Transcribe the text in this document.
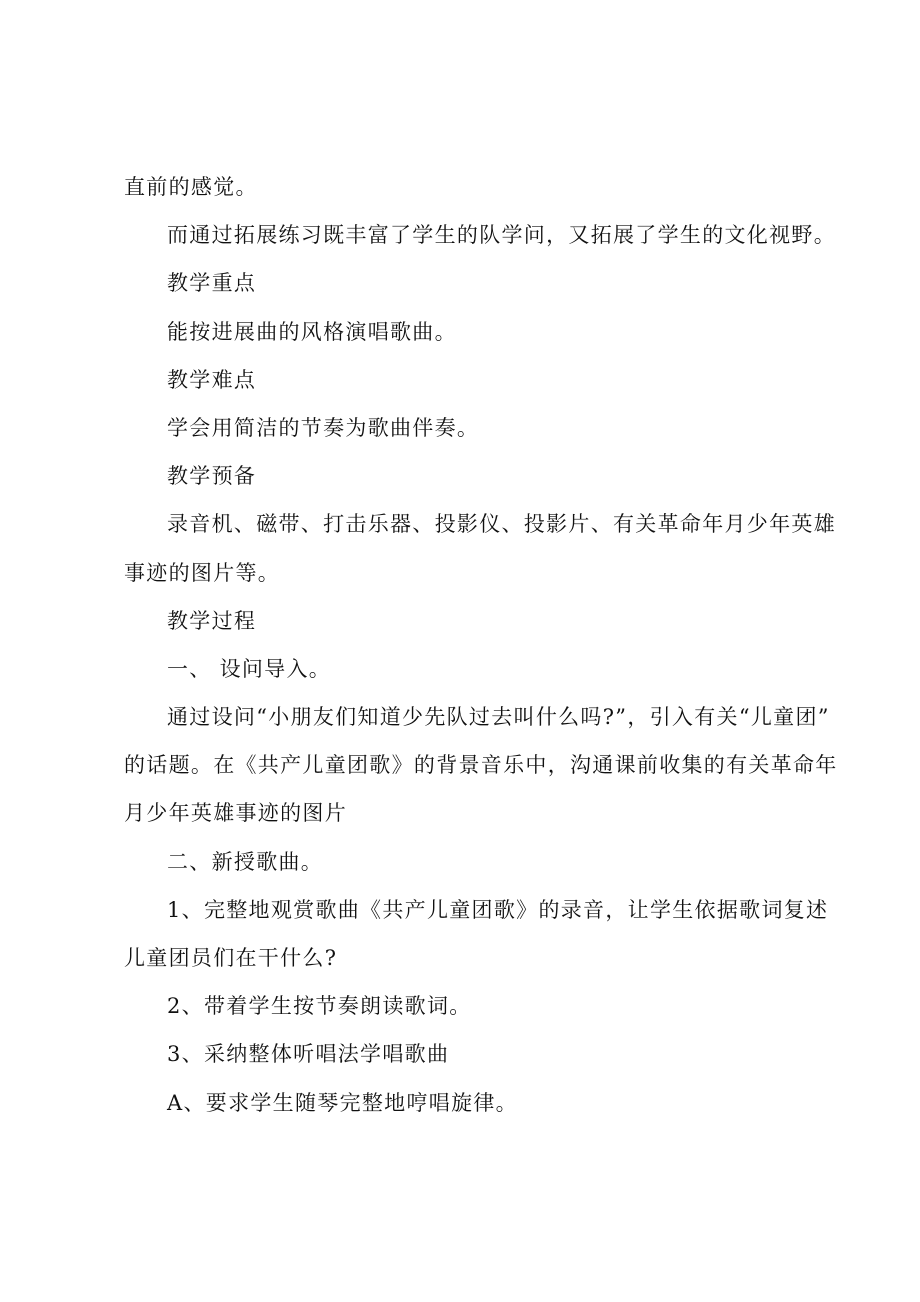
直前的感觉。

而通过拓展练习既丰富了学生的队学问，又拓展了学生的文化视野。

教学重点

能按进展曲的风格演唱歌曲。

教学难点

学会用简洁的节奏为歌曲伴奏。

教学预备

录音机、磁带、打击乐器、投影仪、投影片、有关革命年月少年英雄

事迹的图片等。

教学过程

一、 设问导入。

通过设问“小朋友们知道少先队过去叫什么吗?”，引入有关“儿童团”

的话题。在《共产儿童团歌》的背景音乐中，沟通课前收集的有关革命年

月少年英雄事迹的图片

二、新授歌曲。

1、完整地观赏歌曲《共产儿童团歌》的录音，让学生依据歌词复述

儿童团员们在干什么?

2、带着学生按节奏朗读歌词。

3、采纳整体听唱法学唱歌曲

A、要求学生随琴完整地哼唱旋律。
